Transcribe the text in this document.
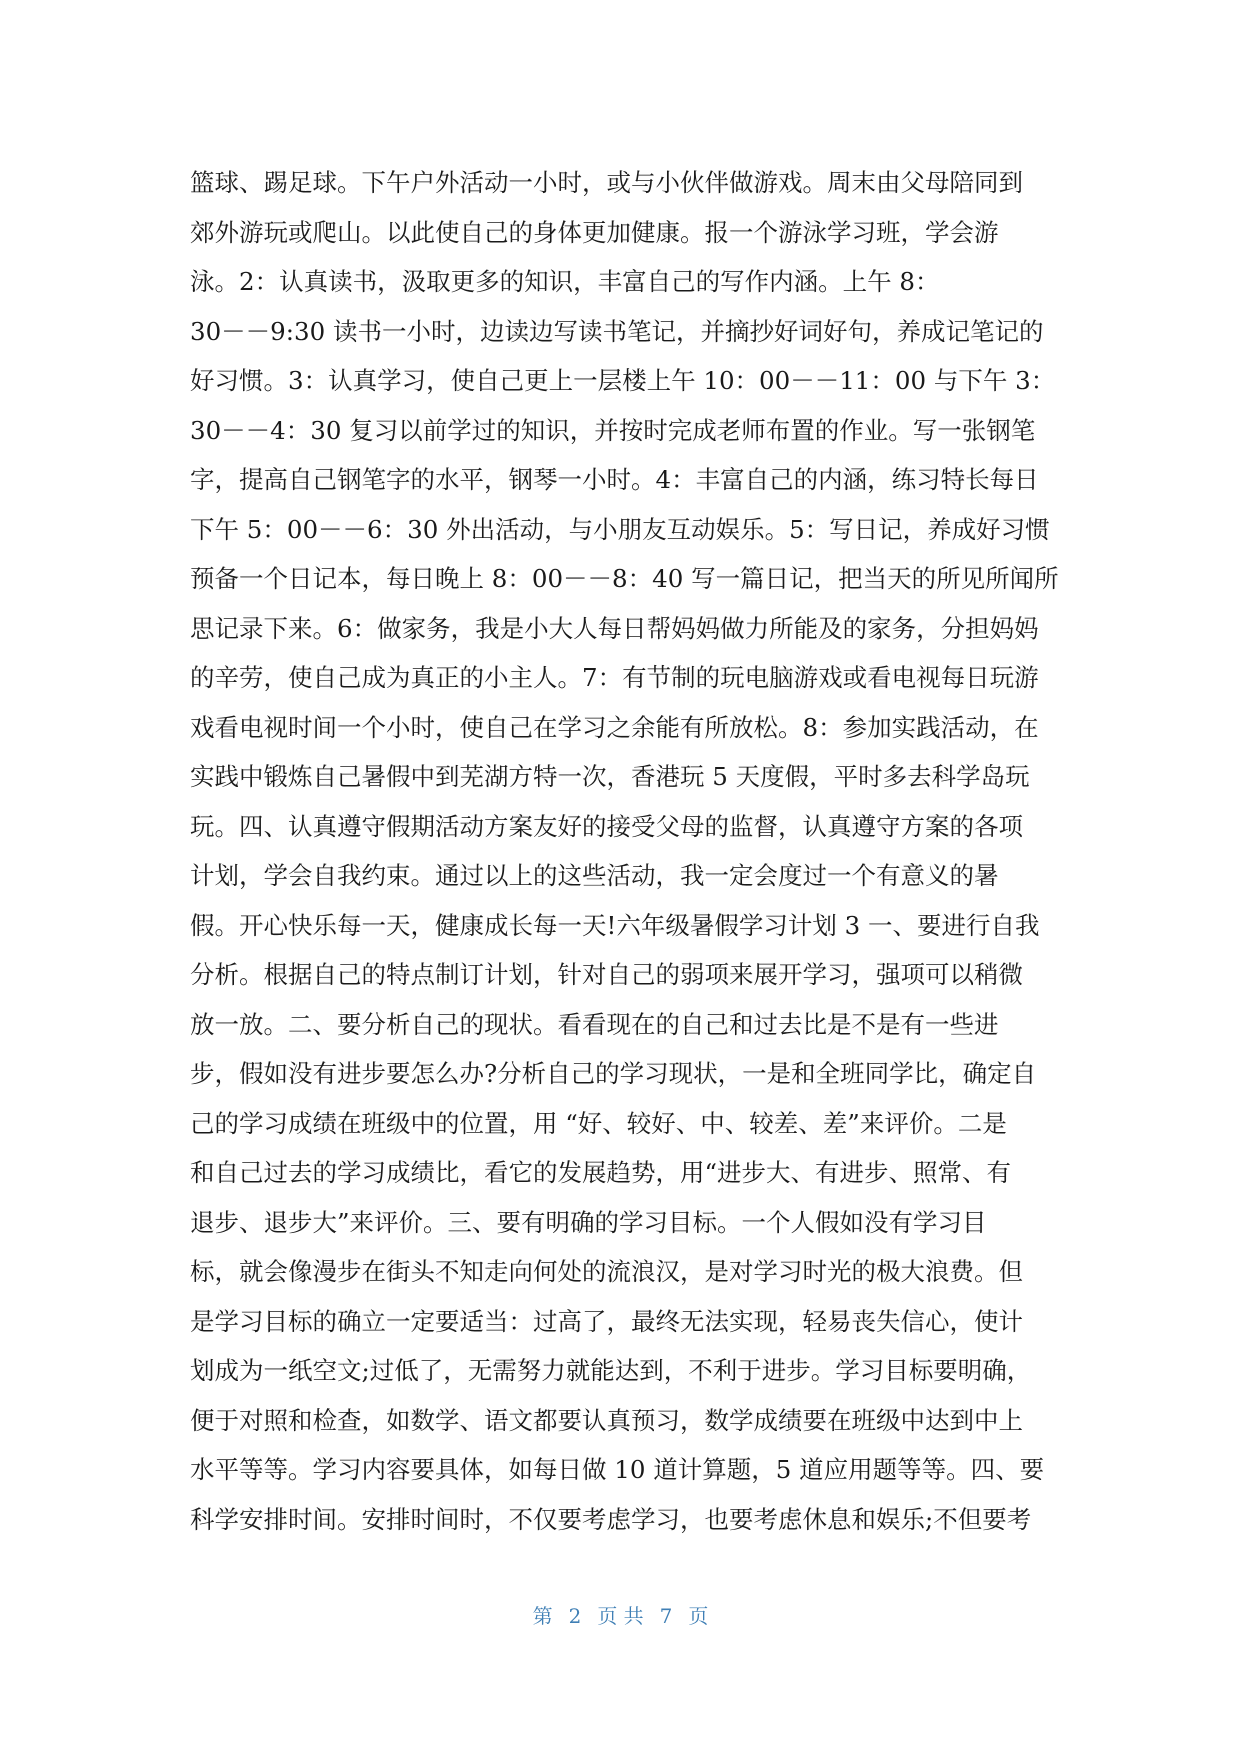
篮球、踢足球。下午户外活动一小时，或与小伙伴做游戏。周末由父母陪同到
郊外游玩或爬山。以此使自己的身体更加健康。报一个游泳学习班，学会游
泳。2：认真读书，汲取更多的知识，丰富自己的写作内涵。上午 8：
30－－9:30 读书一小时，边读边写读书笔记，并摘抄好词好句，养成记笔记的
好习惯。3：认真学习，使自己更上一层楼上午 10：00－－11：00 与下午 3：
30－－4：30 复习以前学过的知识，并按时完成老师布置的作业。写一张钢笔
字，提高自己钢笔字的水平，钢琴一小时。4：丰富自己的内涵，练习特长每日
下午 5：00－－6：30 外出活动，与小朋友互动娱乐。5：写日记，养成好习惯
预备一个日记本，每日晚上 8：00－－8：40 写一篇日记，把当天的所见所闻所
思记录下来。6：做家务，我是小大人每日帮妈妈做力所能及的家务，分担妈妈
的辛劳，使自己成为真正的小主人。7：有节制的玩电脑游戏或看电视每日玩游
戏看电视时间一个小时，使自己在学习之余能有所放松。8：参加实践活动，在
实践中锻炼自己暑假中到芜湖方特一次，香港玩 5 天度假，平时多去科学岛玩
玩。四、认真遵守假期活动方案友好的接受父母的监督，认真遵守方案的各项
计划，学会自我约束。通过以上的这些活动，我一定会度过一个有意义的暑
假。开心快乐每一天，健康成长每一天!六年级暑假学习计划 3 一、要进行自我
分析。根据自己的特点制订计划，针对自己的弱项来展开学习，强项可以稍微
放一放。二、要分析自己的现状。看看现在的自己和过去比是不是有一些进
步，假如没有进步要怎么办?分析自己的学习现状，一是和全班同学比，确定自
己的学习成绩在班级中的位置，用 “好、较好、中、较差、差”来评价。二是
和自己过去的学习成绩比，看它的发展趋势，用“进步大、有进步、照常、有
退步、退步大”来评价。三、要有明确的学习目标。一个人假如没有学习目
标，就会像漫步在街头不知走向何处的流浪汉，是对学习时光的极大浪费。但
是学习目标的确立一定要适当：过高了，最终无法实现，轻易丧失信心，使计
划成为一纸空文;过低了，无需努力就能达到，不利于进步。学习目标要明确，
便于对照和检查，如数学、语文都要认真预习，数学成绩要在班级中达到中上
水平等等。学习内容要具体，如每日做 10 道计算题，5 道应用题等等。四、要
科学安排时间。安排时间时，不仅要考虑学习，也要考虑休息和娱乐;不但要考
第 2 页 共 7 页
